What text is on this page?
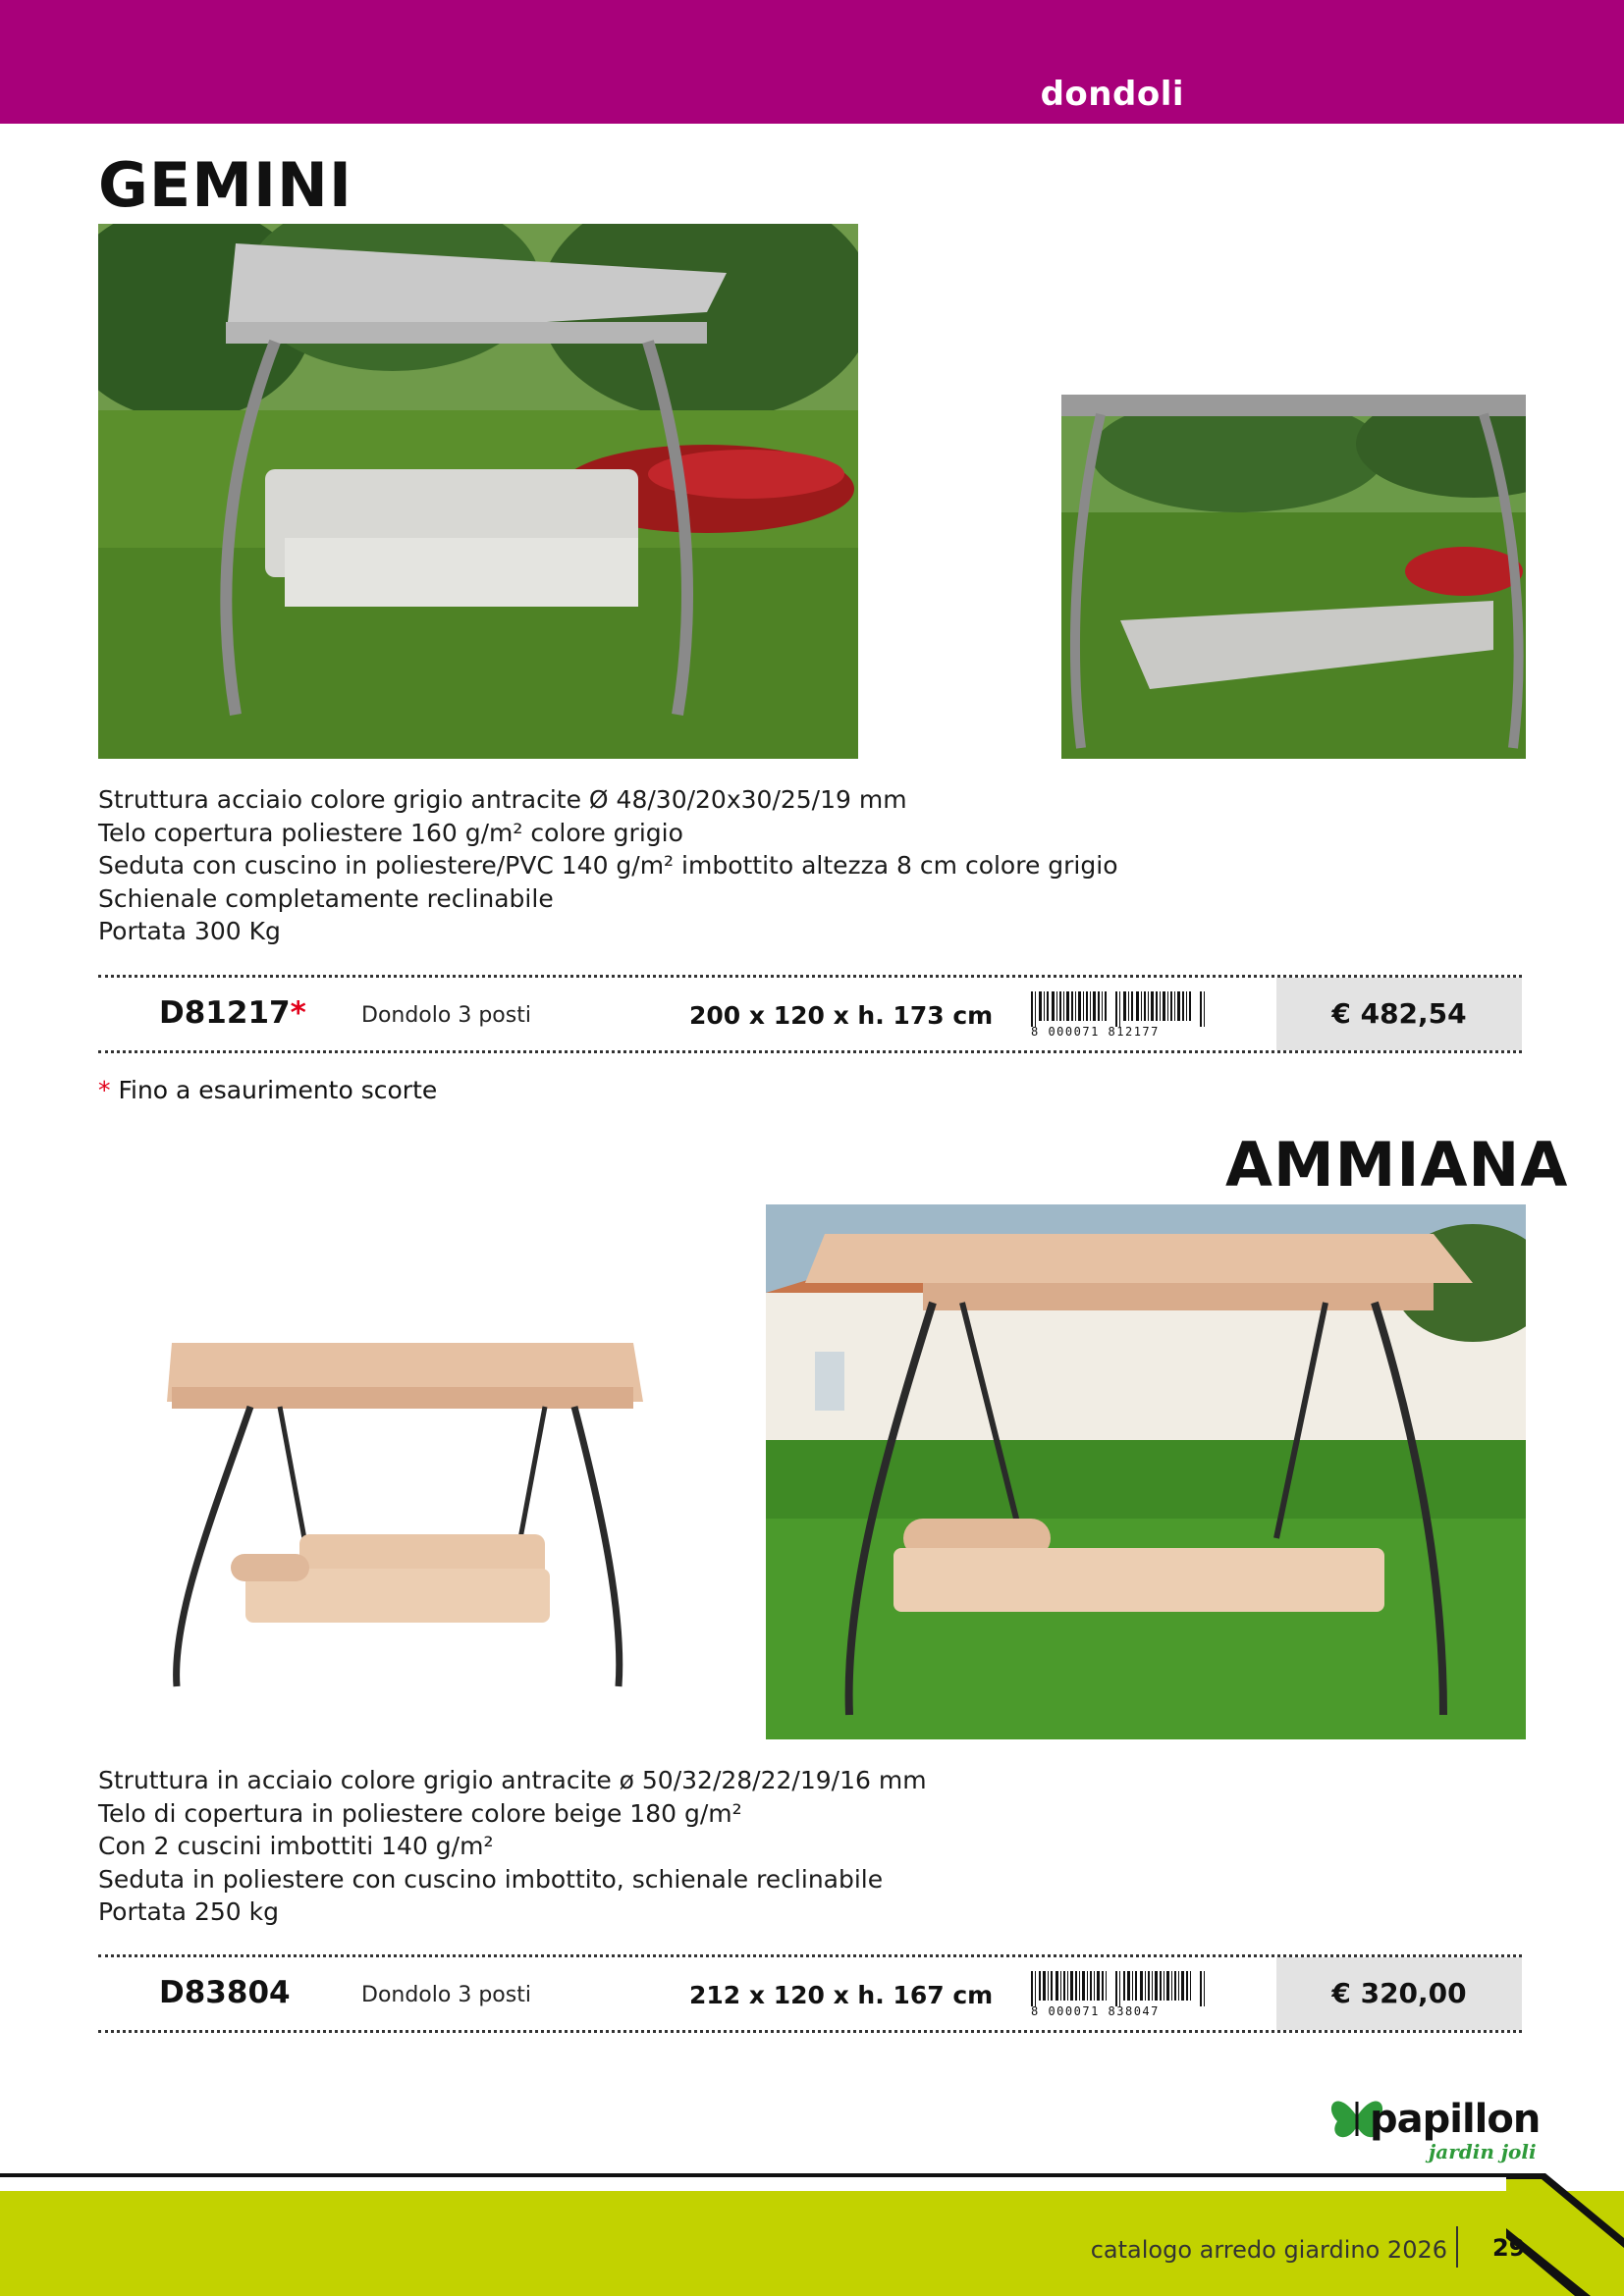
dondoli
GEMINI
Struttura acciaio colore grigio antracite Ø 48/30/20x30/25/19 mm
Telo copertura poliestere 160 g/m² colore grigio
Seduta con cuscino in poliestere/PVC 140 g/m² imbottito altezza 8 cm colore grigio
Schienale completamente reclinabile
Portata 300 Kg
D81217*	Dondolo 3 posti	200 x 120 x h. 173 cm
8 000071 812177
€ 482,54
* Fino a esaurimento scorte
AMMIANA
Struttura in acciaio colore grigio antracite ø 50/32/28/22/19/16 mm
Telo di copertura in poliestere colore beige 180 g/m²
Con 2 cuscini imbottiti 140 g/m²
Seduta in poliestere con cuscino imbottito, schienale reclinabile
Portata 250 kg
D83804	Dondolo 3 posti	212 x 120 x h. 167 cm
8 000071 838047
€ 320,00
papillon
jardin joli
catalogo arredo giardino 2026 29
